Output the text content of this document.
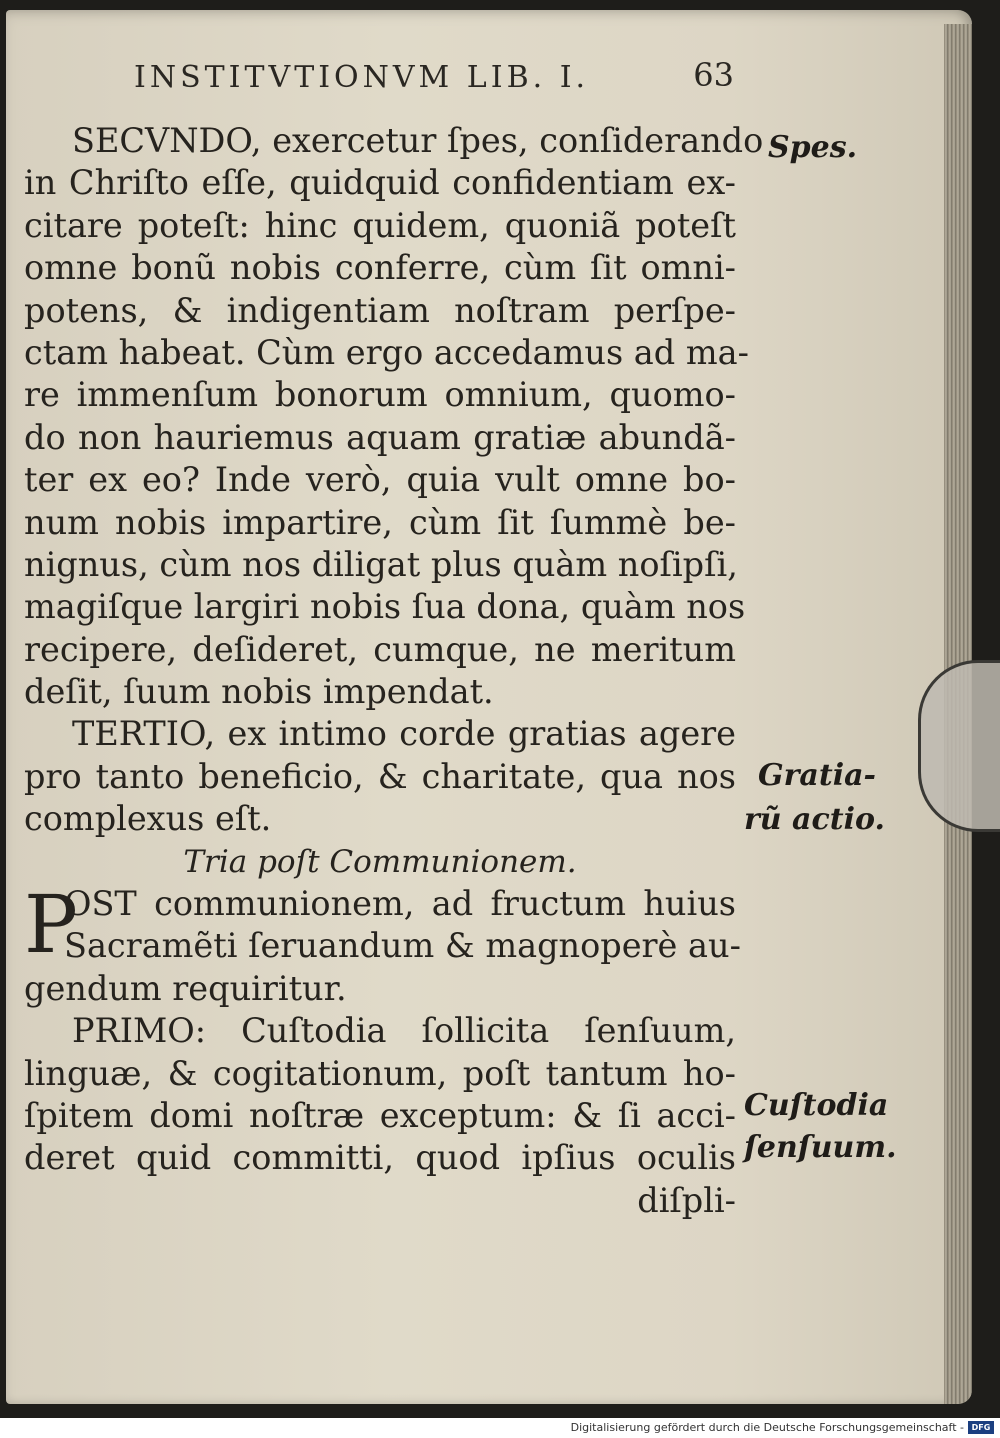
INSTITVTIONVM LIB. I.	63
SECVNDO, exercetur ſpes, conſiderando
in Chriſto eſſe, quidquid confidentiam ex-
citare poteſt: hinc quidem, quoniã poteſt
omne bonũ nobis conferre, cùm ſit omni-
potens, & indigentiam noſtram perſpe-
ctam habeat. Cùm ergo accedamus ad ma-
re immenſum bonorum omnium, quomo-
do non hauriemus aquam gratiæ abundã-
ter ex eo? Inde verò, quia vult omne bo-
num nobis impartire, cùm ſit ſummè be-
nignus, cùm nos diligat plus quàm noſipſi,
magiſque largiri nobis ſua dona, quàm nos
recipere, deſideret, cumque, ne meritum
deſit, ſuum nobis impendat.
TERTIO, ex intimo corde gratias agere
pro tanto beneficio, & charitate, qua nos
complexus eſt.
Tria poſt Communionem.
P
OST communionem, ad fructum huius
Sacramẽti ſeruandum & magnoperè au-
gendum requiritur.
PRIMO: Cuſtodia ſollicita ſenſuum,
linguæ, & cogitationum, poſt tantum ho-
ſpitem domi noſtræ exceptum: & ſi acci-
deret quid committi, quod ipſius oculis
diſpli-
Spes.
Gratia-
rũ actio.
Cuſtodia
ſenſuum.
Digitalisierung gefördert durch die Deutsche Forschungsgemeinschaft - DFG
